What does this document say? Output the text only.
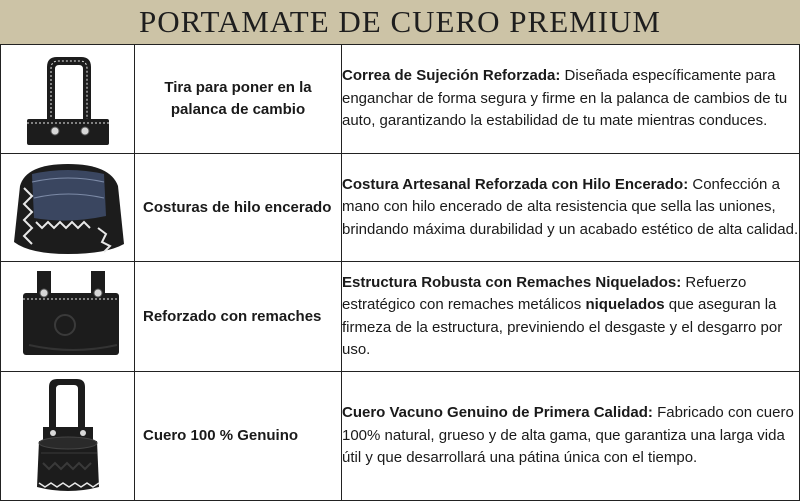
PORTAMATE DE CUERO PREMIUM
	Tira para poner en la palanca de cambio	Correa de Sujeción Reforzada: Diseñada específicamente para enganchar de forma segura y firme en la palanca de cambios de tu auto, garantizando la estabilidad de tu mate mientras conduces.

	Costuras de hilo encerado	Costura Artesanal Reforzada con Hilo Encerado: Confección a mano con hilo encerado de alta resistencia que sella las uniones, brindando máxima durabilidad y un acabado estético de alta calidad.

	Reforzado con remaches	Estructura Robusta con Remaches Niquelados: Refuerzo estratégico con remaches metálicos niquelados que aseguran la firmeza de la estructura, previniendo el desgaste y el desgarro por uso.

	Cuero 100 % Genuino	Cuero Vacuno Genuino de Primera Calidad: Fabricado con cuero 100% natural, grueso y de alta gama, que garantiza una larga vida útil y que desarrollará una pátina única con el tiempo.
